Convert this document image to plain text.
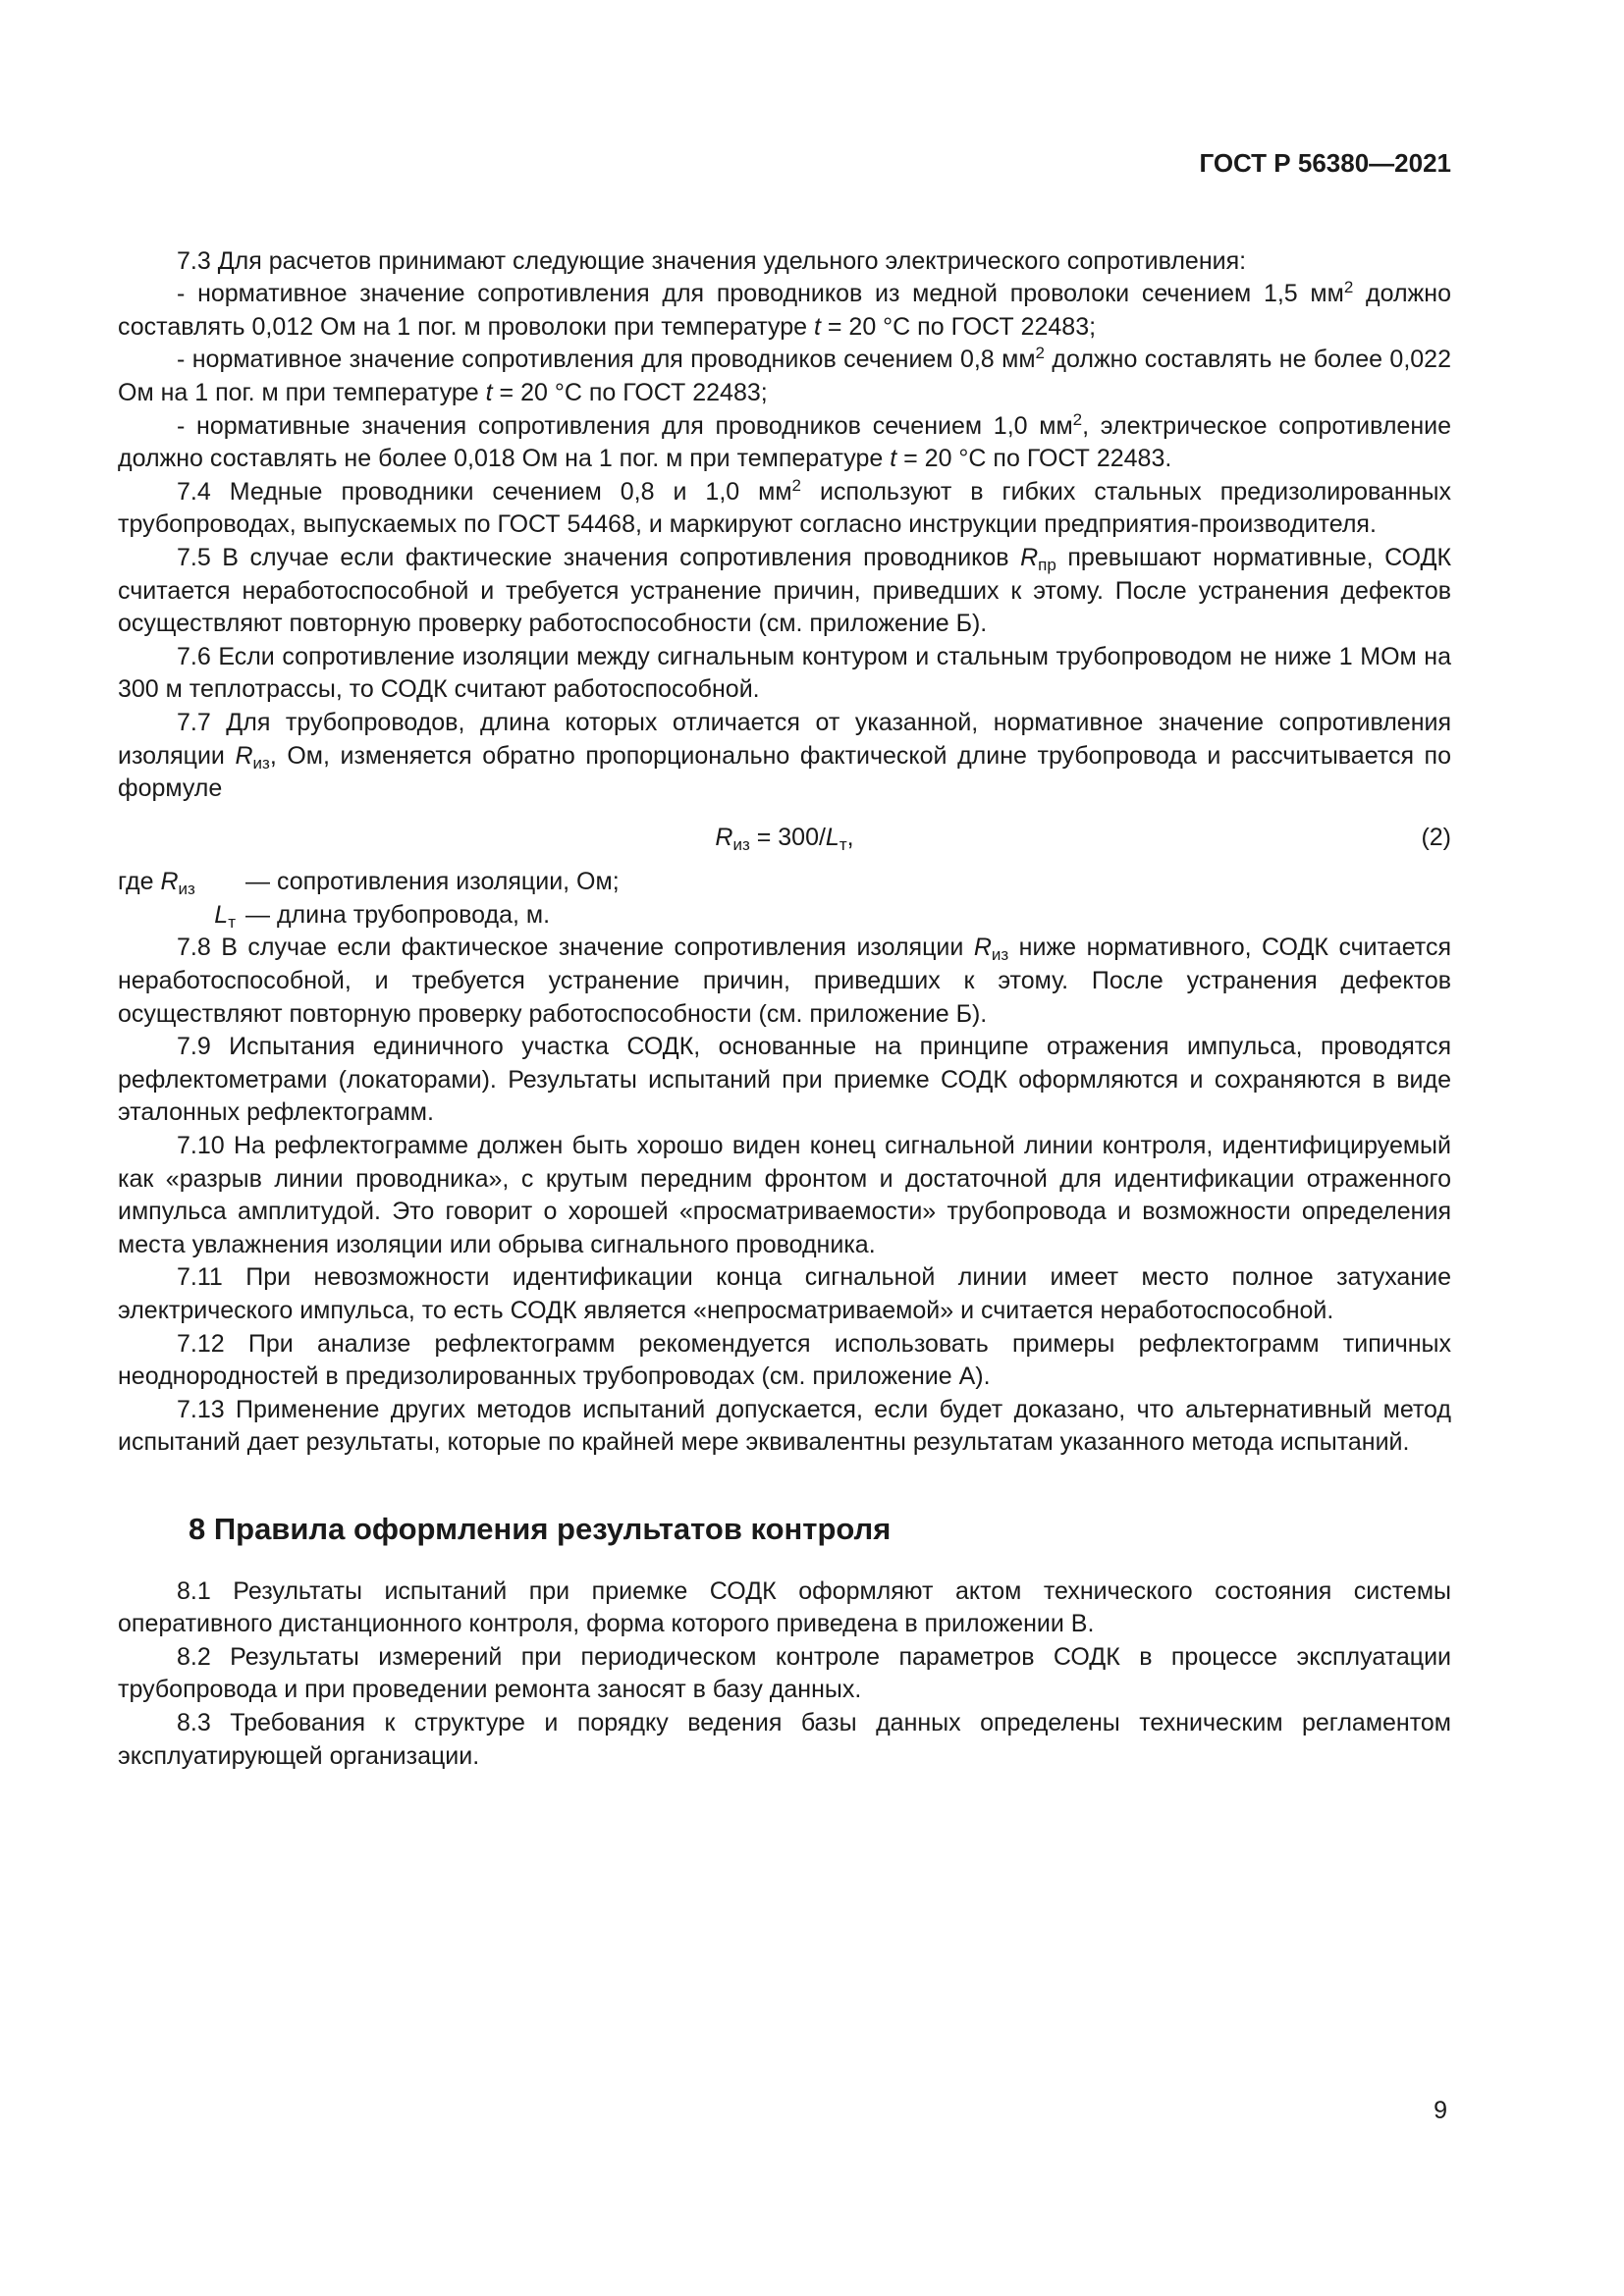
ГОСТ Р 56380—2021

7.3 Для расчетов принимают следующие значения удельного электрического сопротивления:

- нормативное значение сопротивления для проводников из медной проволоки сечением 1,5 $мм^2$ должно составлять 0,012 Ом на 1 пог. м проволоки при температуре t = 20 °С по ГОСТ 22483;

- нормативное значение сопротивления для проводников сечением 0,8 $мм^2$ должно составлять не более 0,022 Ом на 1 пог. м при температуре t = 20 °С по ГОСТ 22483;

- нормативные значения сопротивления для проводников сечением 1,0 $мм^2$, электрическое сопротивление должно составлять не более 0,018 Ом на 1 пог. м при температуре t = 20 °С по ГОСТ 22483.

7.4 Медные проводники сечением 0,8 и 1,0 $мм^2$ используют в гибких стальных предизолированных трубопроводах, выпускаемых по ГОСТ 54468, и маркируют согласно инструкции предприятия-производителя.

7.5 В случае если фактические значения сопротивления проводников $R_{пр}$ превышают нормативные, СОДК считается неработоспособной и требуется устранение причин, приведших к этому. После устранения дефектов осуществляют повторную проверку работоспособности (см. приложение Б).

7.6 Если сопротивление изоляции между сигнальным контуром и стальным трубопроводом не ниже 1 МОм на 300 м теплотрассы, то СОДК считают работоспособной.

7.7 Для трубопроводов, длина которых отличается от указанной, нормативное значение сопротивления изоляции $R_{из}$, Ом, изменяется обратно пропорционально фактической длине трубопровода и рассчитывается по формуле

$R_{из} = 300/L_т$,	(2)
где $R_{из}$	— сопротивления изоляции, Ом;
$L_т$ — длина трубопровода, м.

7.8 В случае если фактическое значение сопротивления изоляции $R_{из}$ ниже нормативного, СОДК считается неработоспособной, и требуется устранение причин, приведших к этому. После устранения дефектов осуществляют повторную проверку работоспособности (см. приложение Б).

7.9 Испытания единичного участка СОДК, основанные на принципе отражения импульса, проводятся рефлектометрами (локаторами). Результаты испытаний при приемке СОДК оформляются и сохраняются в виде эталонных рефлектограмм.

7.10 На рефлектограмме должен быть хорошо виден конец сигнальной линии контроля, идентифицируемый как «разрыв линии проводника», с крутым передним фронтом и достаточной для идентификации отраженного импульса амплитудой. Это говорит о хорошей «просматриваемости» трубопровода и возможности определения места увлажнения изоляции или обрыва сигнального проводника.

7.11 При невозможности идентификации конца сигнальной линии имеет место полное затухание электрического импульса, то есть СОДК является «непросматриваемой» и считается неработоспособной.

7.12 При анализе рефлектограмм рекомендуется использовать примеры рефлектограмм типичных неоднородностей в предизолированных трубопроводах (см. приложение А).

7.13 Применение других методов испытаний допускается, если будет доказано, что альтернативный метод испытаний дает результаты, которые по крайней мере эквивалентны результатам указанного метода испытаний.

8 Правила оформления результатов контроля

8.1 Результаты испытаний при приемке СОДК оформляют актом технического состояния системы оперативного дистанционного контроля, форма которого приведена в приложении В.

8.2 Результаты измерений при периодическом контроле параметров СОДК в процессе эксплуатации трубопровода и при проведении ремонта заносят в базу данных.

8.3 Требования к структуре и порядку ведения базы данных определены техническим регламентом эксплуатирующей организации.

9
